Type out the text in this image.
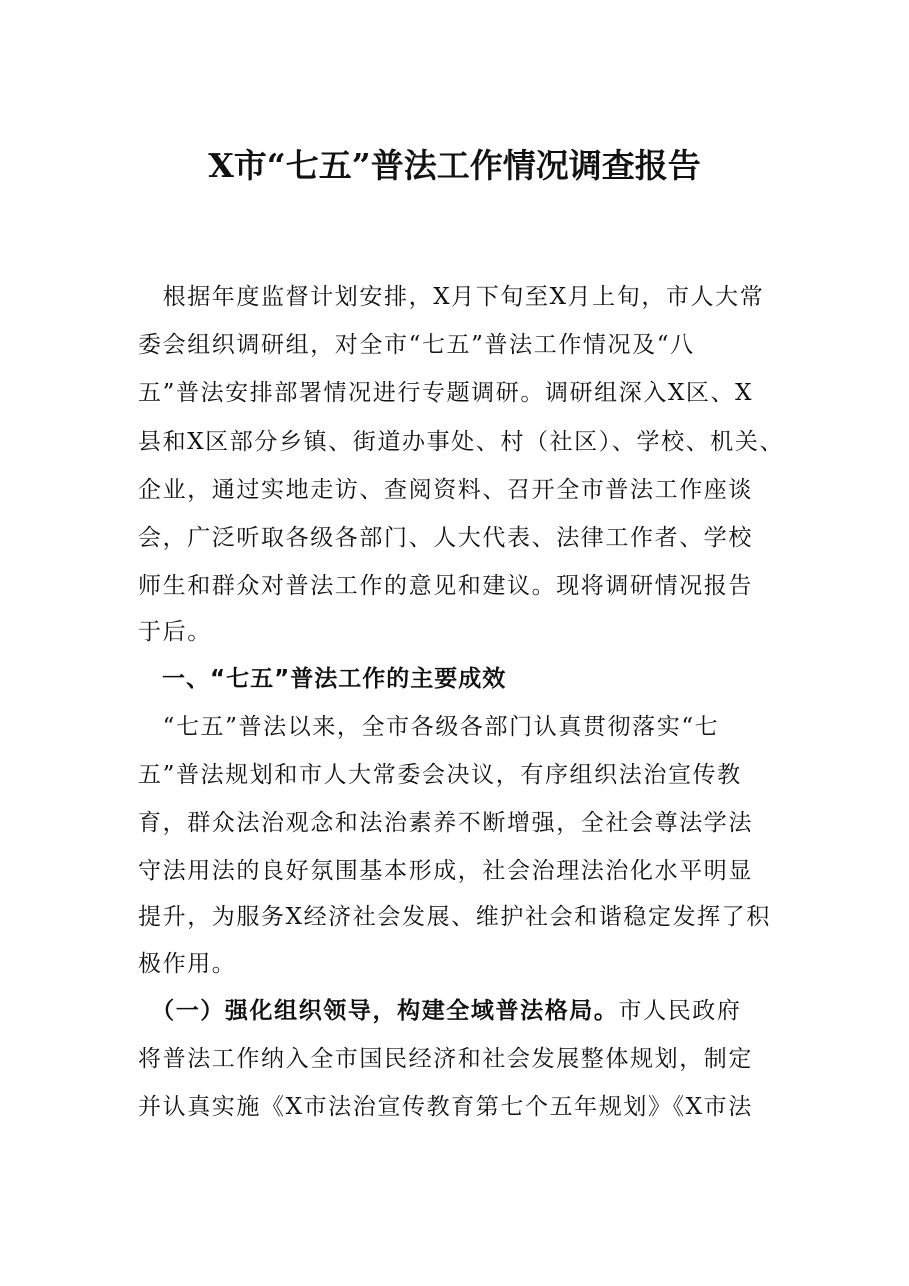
X市“七五”普法工作情况调查报告
　根据年度监督计划安排，X月下旬至X月上旬，市人大常
委会组织调研组，对全市“七五”普法工作情况及“八
五”普法安排部署情况进行专题调研。调研组深入X区、X
县和X区部分乡镇、街道办事处、村（社区）、学校、机关、
企业，通过实地走访、查阅资料、召开全市普法工作座谈
会，广泛听取各级各部门、人大代表、法律工作者、学校
师生和群众对普法工作的意见和建议。现将调研情况报告
于后。
　一、“七五”普法工作的主要成效
　“七五”普法以来，全市各级各部门认真贯彻落实“七
五”普法规划和市人大常委会决议，有序组织法治宣传教
育，群众法治观念和法治素养不断增强，全社会尊法学法
守法用法的良好氛围基本形成，社会治理法治化水平明显
提升，为服务X经济社会发展、维护社会和谐稳定发挥了积
极作用。
　（一）强化组织领导，构建全域普法格局。市人民政府
将普法工作纳入全市国民经济和社会发展整体规划，制定
并认真实施《X市法治宣传教育第七个五年规划》《X市法
